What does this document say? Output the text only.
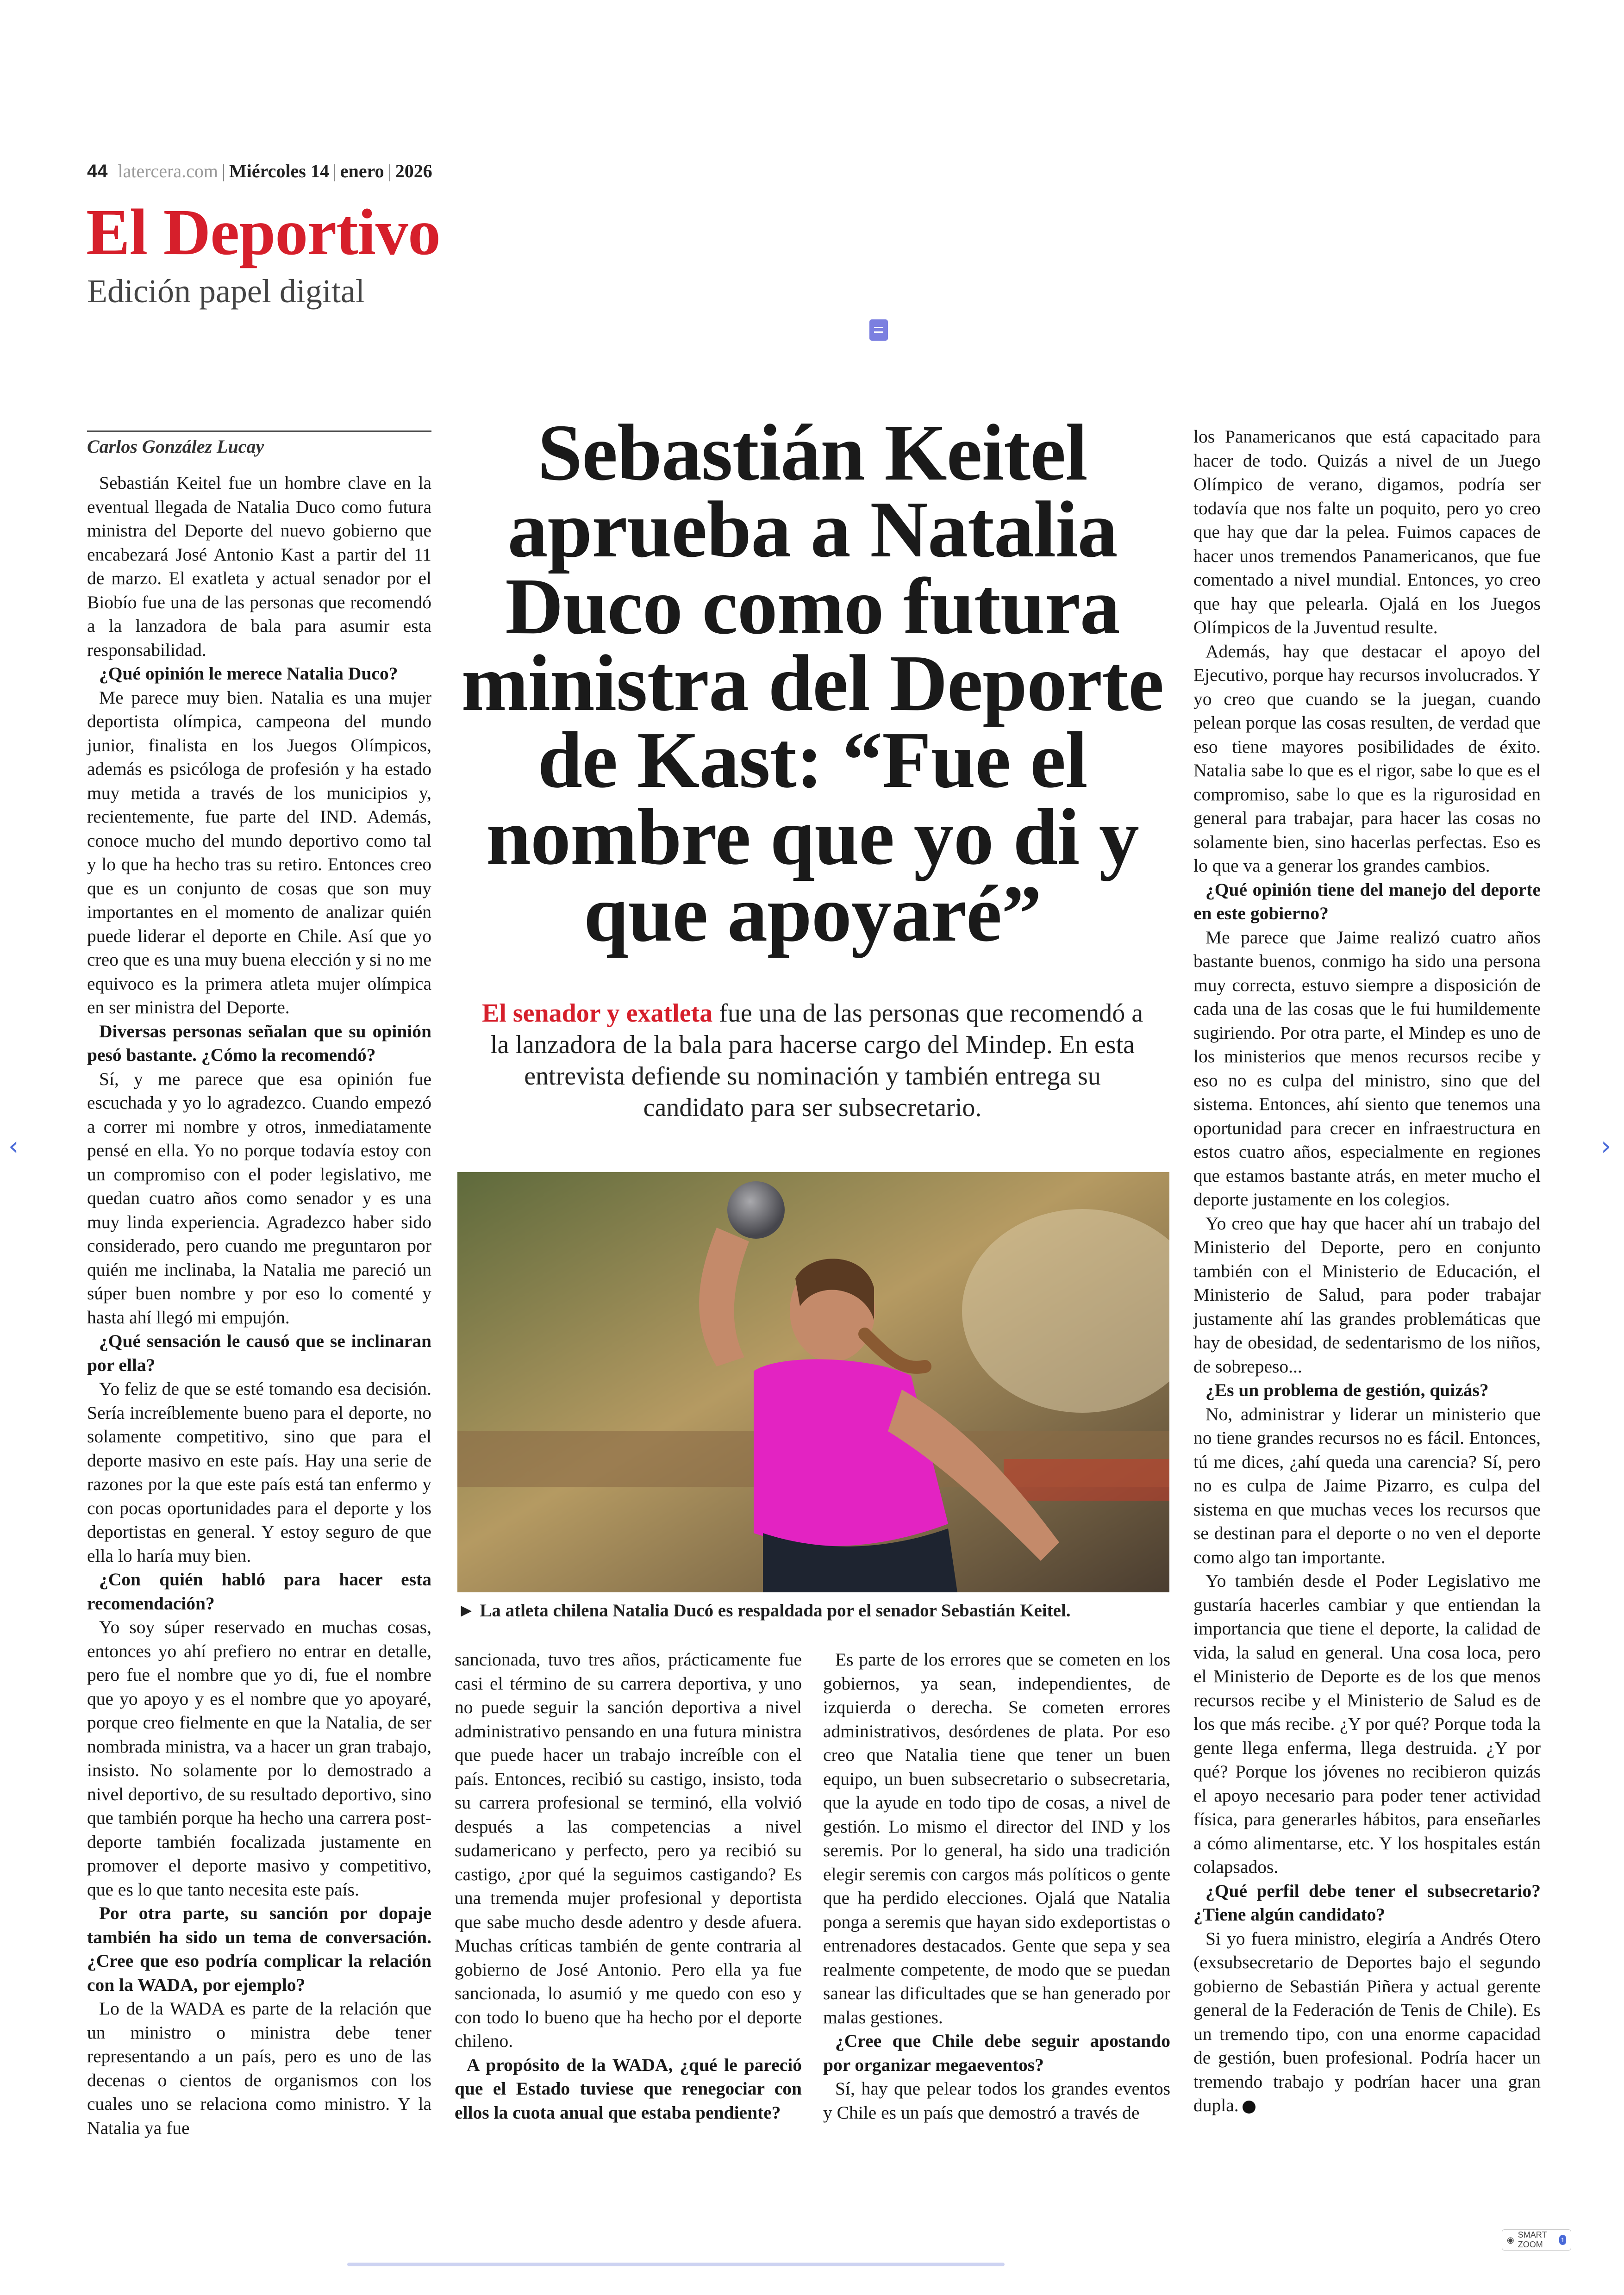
44 latercera.com | Miércoles 14 | enero | 2026
El Deportivo
Edición papel digital
Carlos González Lucay

Sebastián Keitel fue un hombre clave en la eventual llegada de Natalia Duco como futura ministra del Deporte del nuevo gobierno que encabezará José Antonio Kast a partir del 11 de marzo. El exatleta y actual senador por el Biobío fue una de las personas que recomendó a la lanzadora de bala para asumir esta responsabilidad.

¿Qué opinión le merece Natalia Duco?

Me parece muy bien. Natalia es una mujer deportista olímpica, campeona del mundo junior, finalista en los Juegos Olímpicos, además es psicóloga de profesión y ha estado muy metida a través de los municipios y, recientemente, fue parte del IND. Además, conoce mucho del mundo deportivo como tal y lo que ha hecho tras su retiro. Entonces creo que es un conjunto de cosas que son muy importantes en el momento de analizar quién puede liderar el deporte en Chile. Así que yo creo que es una muy buena elección y si no me equivoco es la primera atleta mujer olímpica en ser ministra del Deporte.

Diversas personas señalan que su opinión pesó bastante. ¿Cómo la recomendó?

Sí, y me parece que esa opinión fue escuchada y yo lo agradezco. Cuando empezó a correr mi nombre y otros, inmediatamente pensé en ella. Yo no porque todavía estoy con un compromiso con el poder legislativo, me quedan cuatro años como senador y es una muy linda experiencia. Agradezco haber sido considerado, pero cuando me preguntaron por quién me inclinaba, la Natalia me pareció un súper buen nombre y por eso lo comenté y hasta ahí llegó mi empujón.

¿Qué sensación le causó que se inclinaran por ella?

Yo feliz de que se esté tomando esa decisión. Sería increíblemente bueno para el deporte, no solamente competitivo, sino que para el deporte masivo en este país. Hay una serie de razones por la que este país está tan enfermo y con pocas oportunidades para el deporte y los deportistas en general. Y estoy seguro de que ella lo haría muy bien.

¿Con quién habló para hacer esta recomendación?

Yo soy súper reservado en muchas cosas, entonces yo ahí prefiero no entrar en detalle, pero fue el nombre que yo di, fue el nombre que yo apoyo y es el nombre que yo apoyaré, porque creo fielmente en que la Natalia, de ser nombrada ministra, va a hacer un gran trabajo, insisto. No solamente por lo demostrado a nivel deportivo, de su resultado deportivo, sino que también porque ha hecho una carrera post-deporte también focalizada justamente en promover el deporte masivo y competitivo, que es lo que tanto necesita este país.

Por otra parte, su sanción por dopaje también ha sido un tema de conversación. ¿Cree que eso podría complicar la relación con la WADA, por ejemplo?

Lo de la WADA es parte de la relación que un ministro o ministra debe tener representando a un país, pero es uno de las decenas o cientos de organismos con los cuales uno se relaciona como ministro. Y la Natalia ya fue

Sebastián Keitel aprueba a Natalia Duco como futura ministra del Deporte de Kast: “Fue el nombre que yo di y que apoyaré”
El senador y exatleta fue una de las personas que recomendó a la lanzadora de la bala para hacerse cargo del Mindep. En esta entrevista defiende su nominación y también entrega su candidato para ser subsecretario.
► La atleta chilena Natalia Ducó es respaldada por el senador Sebastián Keitel.

sancionada, tuvo tres años, prácticamente fue casi el término de su carrera deportiva, y uno no puede seguir la sanción deportiva a nivel administrativo pensando en una futura ministra que puede hacer un trabajo increíble con el país. Entonces, recibió su castigo, insisto, toda su carrera profesional se terminó, ella volvió después a las competencias a nivel sudamericano y perfecto, pero ya recibió su castigo, ¿por qué la seguimos castigando? Es una tremenda mujer profesional y deportista que sabe mucho desde adentro y desde afuera. Muchas críticas también de gente contraria al gobierno de José Antonio. Pero ella ya fue sancionada, lo asumió y me quedo con eso y con todo lo bueno que ha hecho por el deporte chileno.

A propósito de la WADA, ¿qué le pareció que el Estado tuviese que renegociar con ellos la cuota anual que estaba pendiente?

Es parte de los errores que se cometen en los gobiernos, ya sean, independientes, de izquierda o derecha. Se cometen errores administrativos, desórdenes de plata. Por eso creo que Natalia tiene que tener un buen equipo, un buen subsecretario o subsecretaria, que la ayude en todo tipo de cosas, a nivel de gestión. Lo mismo el director del IND y los seremis. Por lo general, ha sido una tradición elegir seremis con cargos más políticos o gente que ha perdido elecciones. Ojalá que Natalia ponga a seremis que hayan sido exdeportistas o entrenadores destacados. Gente que sepa y sea realmente competente, de modo que se puedan sanear las dificultades que se han generado por malas gestiones.

¿Cree que Chile debe seguir apostando por organizar megaeventos?

Sí, hay que pelear todos los grandes eventos y Chile es un país que demostró a través de

los Panamericanos que está capacitado para hacer de todo. Quizás a nivel de un Juego Olímpico de verano, digamos, podría ser todavía que nos falte un poquito, pero yo creo que hay que dar la pelea. Fuimos capaces de hacer unos tremendos Panamericanos, que fue comentado a nivel mundial. Entonces, yo creo que hay que pelearla. Ojalá en los Juegos Olímpicos de la Juventud resulte.

Además, hay que destacar el apoyo del Ejecutivo, porque hay recursos involucrados. Y yo creo que cuando se la juegan, cuando pelean porque las cosas resulten, de verdad que eso tiene mayores posibilidades de éxito. Natalia sabe lo que es el rigor, sabe lo que es el compromiso, sabe lo que es la rigurosidad en general para trabajar, para hacer las cosas no solamente bien, sino hacerlas perfectas. Eso es lo que va a generar los grandes cambios.

¿Qué opinión tiene del manejo del deporte en este gobierno?

Me parece que Jaime realizó cuatro años bastante buenos, conmigo ha sido una persona muy correcta, estuvo siempre a disposición de cada una de las cosas que le fui humildemente sugiriendo. Por otra parte, el Mindep es uno de los ministerios que menos recursos recibe y eso no es culpa del ministro, sino que del sistema. Entonces, ahí siento que tenemos una oportunidad para crecer en infraestructura en estos cuatro años, especialmente en regiones que estamos bastante atrás, en meter mucho el deporte justamente en los colegios.

Yo creo que hay que hacer ahí un trabajo del Ministerio del Deporte, pero en conjunto también con el Ministerio de Educación, el Ministerio de Salud, para poder trabajar justamente ahí las grandes problemáticas que hay de obesidad, de sedentarismo de los niños, de sobrepeso...

¿Es un problema de gestión, quizás?

No, administrar y liderar un ministerio que no tiene grandes recursos no es fácil. Entonces, tú me dices, ¿ahí queda una carencia? Sí, pero no es culpa de Jaime Pizarro, es culpa del sistema en que muchas veces los recursos que se destinan para el deporte o no ven el deporte como algo tan importante.

Yo también desde el Poder Legislativo me gustaría hacerles cambiar y que entiendan la importancia que tiene el deporte, la calidad de vida, la salud en general. Una cosa loca, pero el Ministerio de Deporte es de los que menos recursos recibe y el Ministerio de Salud es de los que más recibe. ¿Y por qué? Porque toda la gente llega enferma, llega destruida. ¿Y por qué? Porque los jóvenes no recibieron quizás el apoyo necesario para poder tener actividad física, para generarles hábitos, para enseñarles a cómo alimentarse, etc. Y los hospitales están colapsados.

¿Qué perfil debe tener el subsecretario? ¿Tiene algún candidato?

Si yo fuera ministro, elegiría a Andrés Otero (exsubsecretario de Deportes bajo el segundo gobierno de Sebastián Piñera y actual gerente general de la Federación de Tenis de Chile). Es un tremendo tipo, con una enorme capacidad de gestión, buen profesional. Podría hacer un tremendo trabajo y podrían hacer una gran dupla.

‹	›
◉
SMART ZOOM	1
